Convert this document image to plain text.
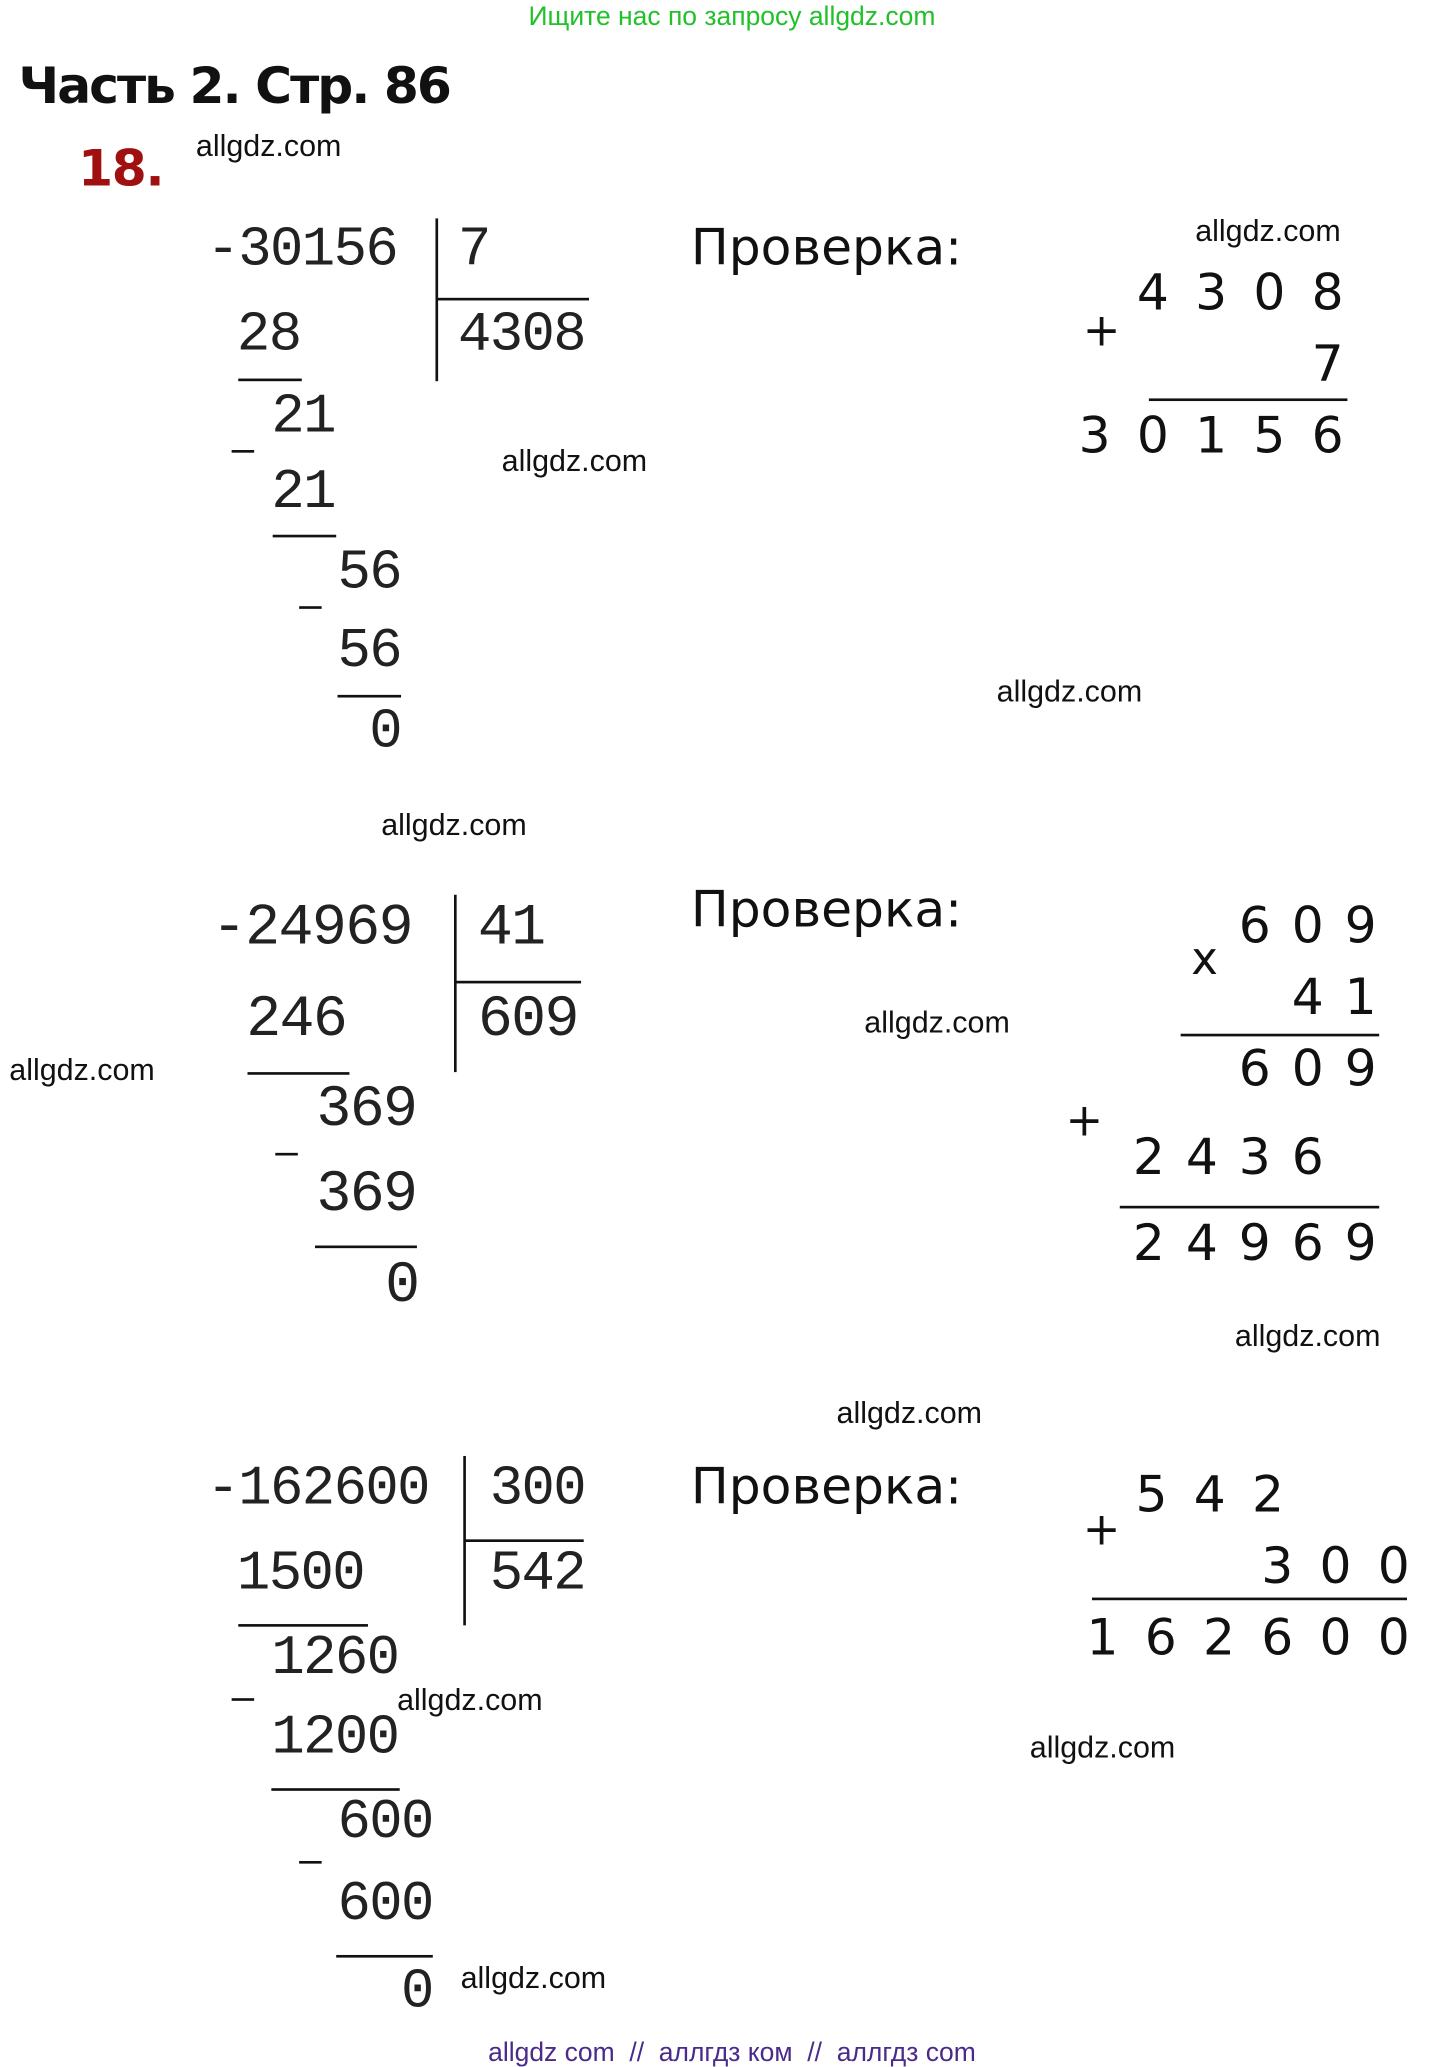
Ищите нас по запросу allgdz.com
Часть 2. Стр. 86
18. allgdz.com
allgdz.com
allgdz.com
allgdz.com
allgdz.com
allgdz.com
allgdz.com
allgdz.com
allgdz.com
allgdz.com
allgdz.com
allgdz.com
-30156 7
4308
28
21
21
56
56
0
Проверка:
4 3 0 8
+
7
3 0 1 5 6
-24969 41
609
246
369
369
0
Проверка:	6 0 9
x
4 1
6 0 9
+
2 4 3 6
2 4 9 6 9
-162600 300
542
1500
1260
1200
600
600
0
Проверка:	5 4 2
+
3 0 0
1 6 2 6 0 0
allgdz com  //  аллгдз ком  //  аллгдз com
